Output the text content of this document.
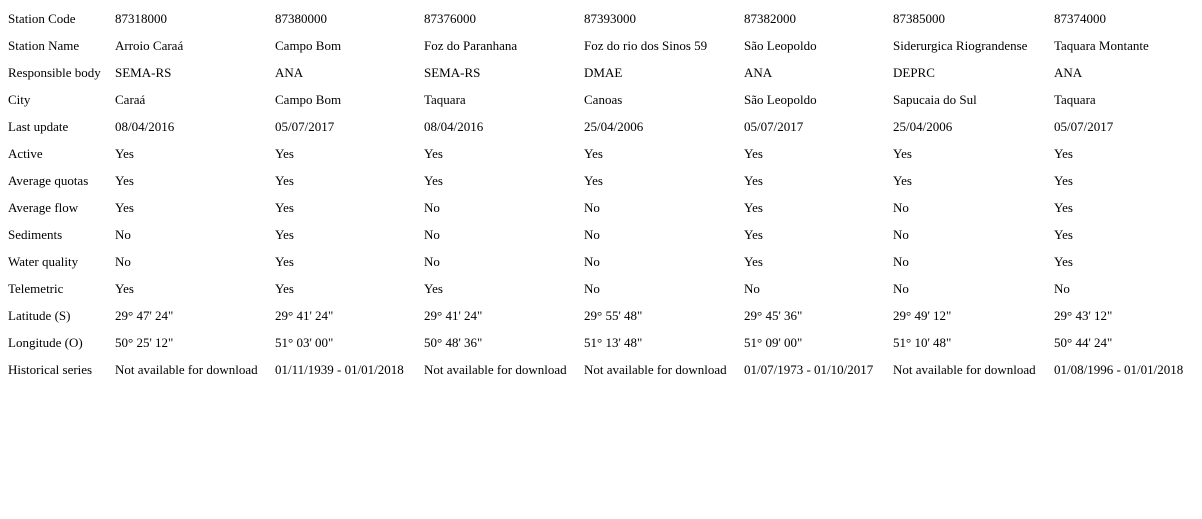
Station Code	87318000	87380000	87376000	87393000	87382000	87385000	87374000
Station Name	Arroio Caraá	Campo Bom	Foz do Paranhana	Foz do rio dos Sinos 59	São Leopoldo	Siderurgica Riograndense	Taquara Montante
Responsible body	SEMA-RS	ANA	SEMA-RS	DMAE	ANA	DEPRC	ANA
City	Caraá	Campo Bom	Taquara	Canoas	São Leopoldo	Sapucaia do Sul	Taquara
Last update	08/04/2016	05/07/2017	08/04/2016	25/04/2006	05/07/2017	25/04/2006	05/07/2017
Active	Yes	Yes	Yes	Yes	Yes	Yes	Yes
Average quotas	Yes	Yes	Yes	Yes	Yes	Yes	Yes
Average flow	Yes	Yes	No	No	Yes	No	Yes
Sediments	No	Yes	No	No	Yes	No	Yes
Water quality	No	Yes	No	No	Yes	No	Yes
Telemetric	Yes	Yes	Yes	No	No	No	No
Latitude (S)	29° 47' 24"	29° 41' 24"	29° 41' 24"	29° 55' 48"	29° 45' 36"	29° 49' 12"	29° 43' 12"
Longitude (O)	50° 25' 12"	51° 03' 00"	50° 48' 36"	51° 13' 48"	51° 09' 00"	51° 10' 48"	50° 44' 24"
Historical series	Not available for download	01/11/1939 - 01/01/2018	Not available for download	Not available for download	01/07/1973 - 01/10/2017	Not available for download	01/08/1996 - 01/01/2018
